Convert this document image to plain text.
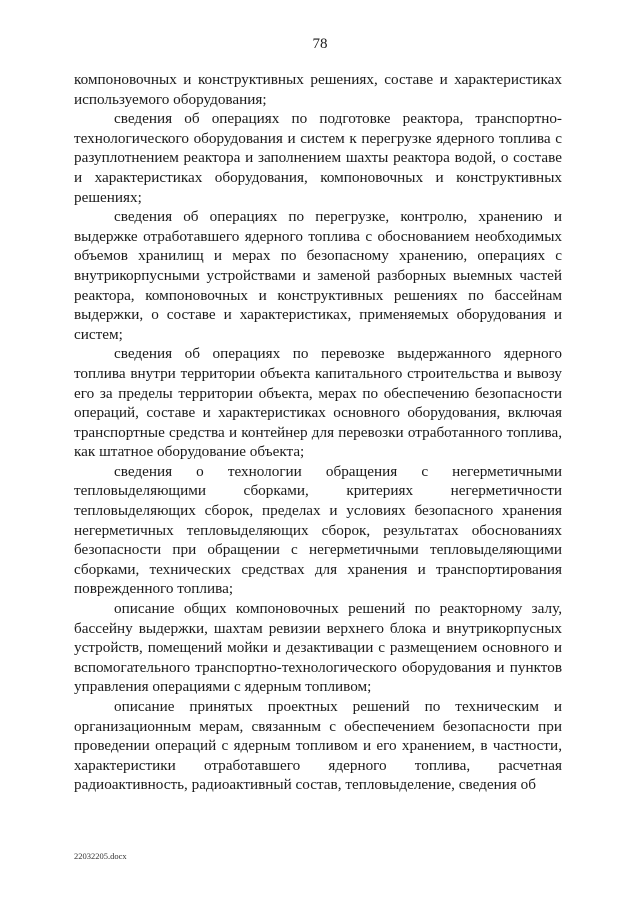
78

компоновочных и конструктивных решениях, составе и характеристиках используемого оборудования;

сведения об операциях по подготовке реактора, транспортно-технологического оборудования и систем к перегрузке ядерного топлива с разуплотнением реактора и заполнением шахты реактора водой, о составе и характеристиках оборудования, компоновочных и конструктивных решениях;

сведения об операциях по перегрузке, контролю, хранению и выдержке отработавшего ядерного топлива с обоснованием необходимых объемов хранилищ и мерах по безопасному хранению, операциях с внутрикорпусными устройствами и заменой разборных выемных частей реактора, компоновочных и конструктивных решениях по бассейнам выдержки, о составе и характеристиках, применяемых оборудования и систем;

сведения об операциях по перевозке выдержанного ядерного топлива внутри территории объекта капитального строительства и вывозу его за пределы территории объекта, мерах по обеспечению безопасности операций, составе и характеристиках основного оборудования, включая транспортные средства и контейнер для перевозки отработанного топлива, как штатное оборудование объекта;

сведения о технологии обращения с негерметичными тепловыделяющими сборками, критериях негерметичности тепловыделяющих сборок, пределах и условиях безопасного хранения негерметичных тепловыделяющих сборок, результатах обоснованиях безопасности при обращении с негерметичными тепловыделяющими сборками, технических средствах для хранения и транспортирования поврежденного топлива;

описание общих компоновочных решений по реакторному залу, бассейну выдержки, шахтам ревизии верхнего блока и внутрикорпусных устройств, помещений мойки и дезактивации с размещением основного и вспомогательного транспортно-технологического оборудования и пунктов управления операциями с ядерным топливом;

описание принятых проектных решений по техническим и организационным мерам, связанным с обеспечением безопасности при проведении операций с ядерным топливом и его хранением, в частности, характеристики отработавшего ядерного топлива, расчетная радиоактивность, радиоактивный состав, тепловыделение, сведения об

22032205.docx
